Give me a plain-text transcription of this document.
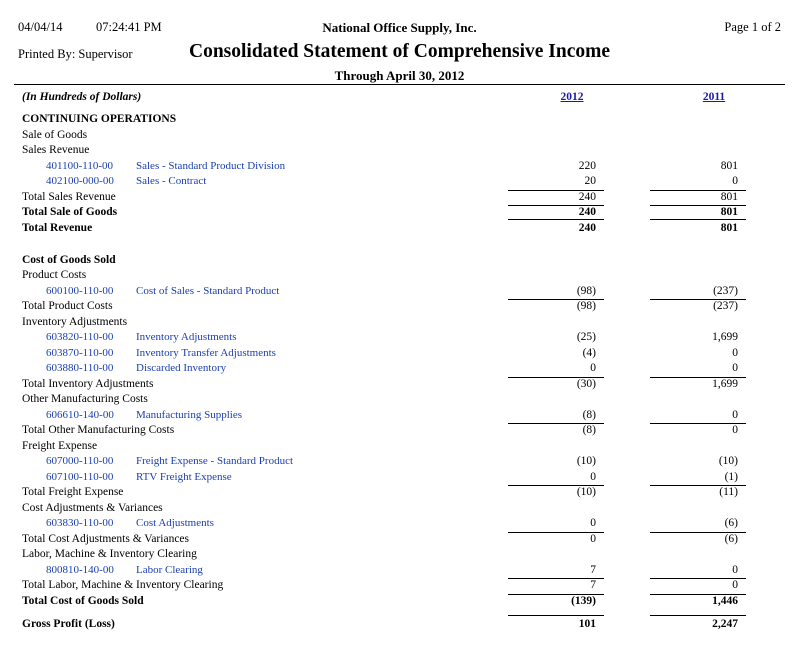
04/04/14	07:24:41 PM	National Office Supply, Inc.	Page 1 of 2
Printed By: Supervisor	Consolidated Statement of Comprehensive Income
Through April 30, 2012
(In Hundreds of Dollars)	2012	2011
CONTINUING OPERATIONS
Sale of Goods
Sales Revenue
401100-110-00 Sales - Standard Product Division	220	801
402100-000-00 Sales - Contract	20	0
Total Sales Revenue	240	801
Total Sale of Goods	240	801
Total Revenue	240	801
Cost of Goods Sold
Product Costs
600100-110-00 Cost of Sales - Standard Product	(98)	(237)
Total Product Costs	(98)	(237)
Inventory Adjustments
603820-110-00 Inventory Adjustments	(25)	1,699
603870-110-00 Inventory Transfer Adjustments	(4)	0
603880-110-00 Discarded Inventory	0	0
Total Inventory Adjustments	(30)	1,699
Other Manufacturing Costs
606610-140-00 Manufacturing Supplies	(8)	0
Total Other Manufacturing Costs	(8)	0
Freight Expense
607000-110-00 Freight Expense - Standard Product	(10)	(10)
607100-110-00 RTV Freight Expense	0	(1)
Total Freight Expense	(10)	(11)
Cost Adjustments & Variances
603830-110-00 Cost Adjustments	0	(6)
Total Cost Adjustments & Variances	0	(6)
Labor, Machine & Inventory Clearing
800810-140-00 Labor Clearing	7	0
Total Labor, Machine & Inventory Clearing	7	0
Total Cost of Goods Sold	(139)	1,446
Gross Profit (Loss)	101	2,247
